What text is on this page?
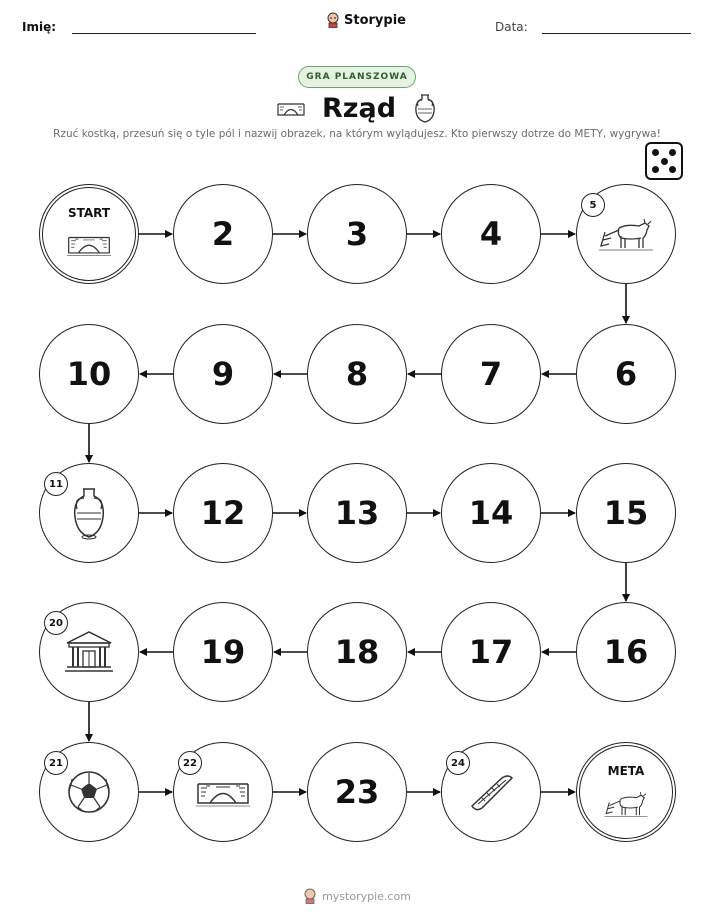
Imię:	Storypie	Data:
GRA PLANSZOWA
Rząd
Rzuć kostką, przesuń się o tyle pól i nazwij obrazek, na którym wylądujesz. Kto pierwszy dotrze do METY, wygrywa!
START
2	3	4
5
6
7
8
9
10
11
12	13	14	15
16
17
18
19
20
21	22
23
24
META
mystorypie.com
